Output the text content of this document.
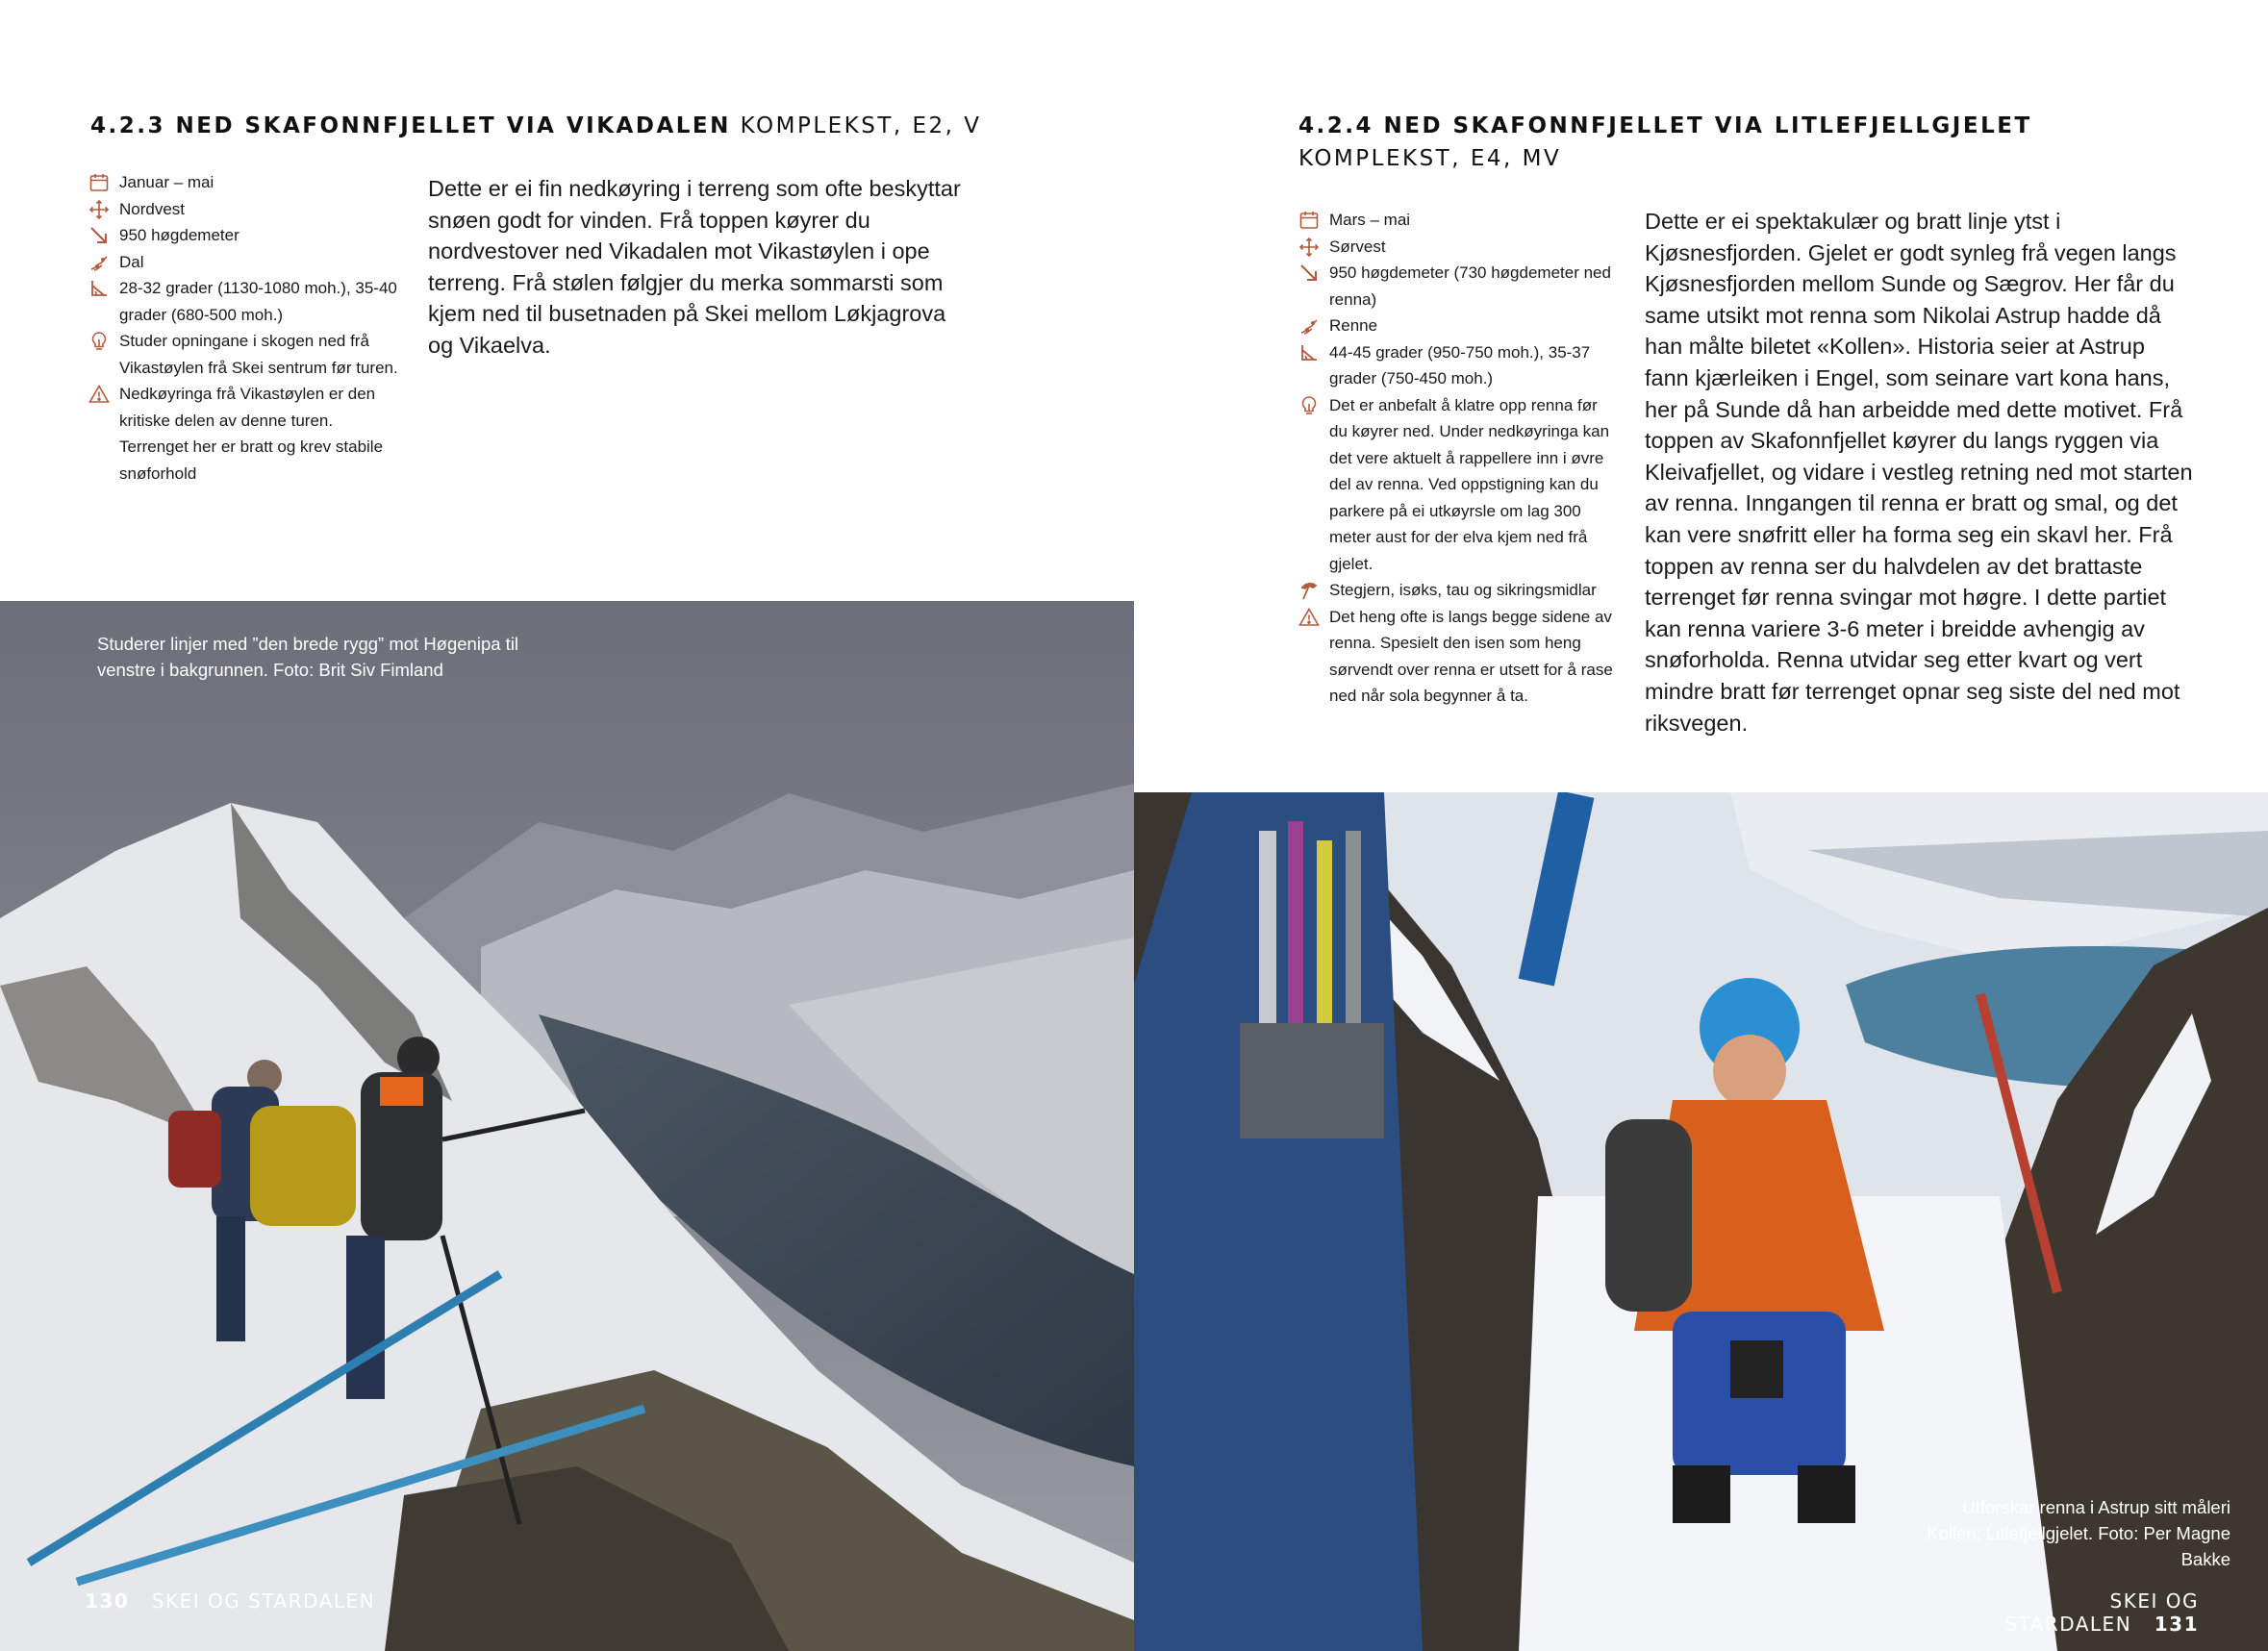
4.2.3 NED SKAFONNFJELLET VIA VIKADALEN KOMPLEKST, E2, V
Januar – mai
Nordvest
950 høgdemeter
Dal
28-32 grader (1130-1080 moh.), 35-40 grader (680-500 moh.)
Studer opningane i skogen ned frå Vikastøylen frå Skei sentrum før turen.
Nedkøyringa frå Vikastøylen er den kritiske delen av denne turen. Terrenget her er bratt og krev stabile snøforhold

Dette er ei fin nedkøyring i terreng som ofte beskyttar snøen godt for vinden. Frå toppen køyrer du nordvestover ned Vikadalen mot Vikastøylen i ope terreng. Frå stølen følgjer du merka sommarsti som kjem ned til busetnaden på Skei mellom Løkjagrova og Vikaelva.

Studerer linjer med ”den brede rygg” mot Høgenipa til venstre i bakgrunnen. Foto: Brit Siv Fimland
130 SKEI OG STARDALEN
4.2.4 NED SKAFONNFJELLET VIA LITLEFJELLGJELET
KOMPLEKST, E4, MV
Mars – mai
Sørvest
950 høgdemeter (730 høgdemeter ned renna)
Renne
44-45 grader (950-750 moh.), 35-37 grader (750-450 moh.)
Det er anbefalt å klatre opp renna før du køyrer ned. Under nedkøyringa kan det vere aktuelt å rappellere inn i øvre del av renna. Ved oppstigning kan du parkere på ei utkøyrsle om lag 300 meter aust for der elva kjem ned frå gjelet.
Stegjern, isøks, tau og sikringsmidlar
Det heng ofte is langs begge sidene av renna. Spesielt den isen som heng sørvendt over renna er utsett for å rase ned når sola begynner å ta.

Dette er ei spektakulær og bratt linje ytst i Kjøsnesfjorden. Gjelet er godt synleg frå vegen langs Kjøsnesfjorden mellom Sunde og Sægrov. Her får du same utsikt mot renna som Nikolai Astrup hadde då han målte biletet «Kollen». Historia seier at Astrup fann kjærleiken i Engel, som seinare vart kona hans, her på Sunde då han arbeidde med dette motivet. Frå toppen av Skafonnfjellet køyrer du langs ryggen via Kleivafjellet, og vidare i vestleg retning ned mot starten av renna. Inngangen til renna er bratt og smal, og det kan vere snøfritt eller ha forma seg ein skavl her. Frå toppen av renna ser du halvdelen av det brattaste terrenget før renna svingar mot høgre. I dette partiet kan renna variere 3-6 meter i breidde avhengig av snøforholda. Renna utvidar seg etter kvart og vert mindre bratt før terrenget opnar seg siste del ned mot riksvegen.

Utforskar renna i Astrup sitt måleri Kollen; Litlefjellgjelet. Foto: Per Magne Bakke
SKEI OG STARDALEN 131
